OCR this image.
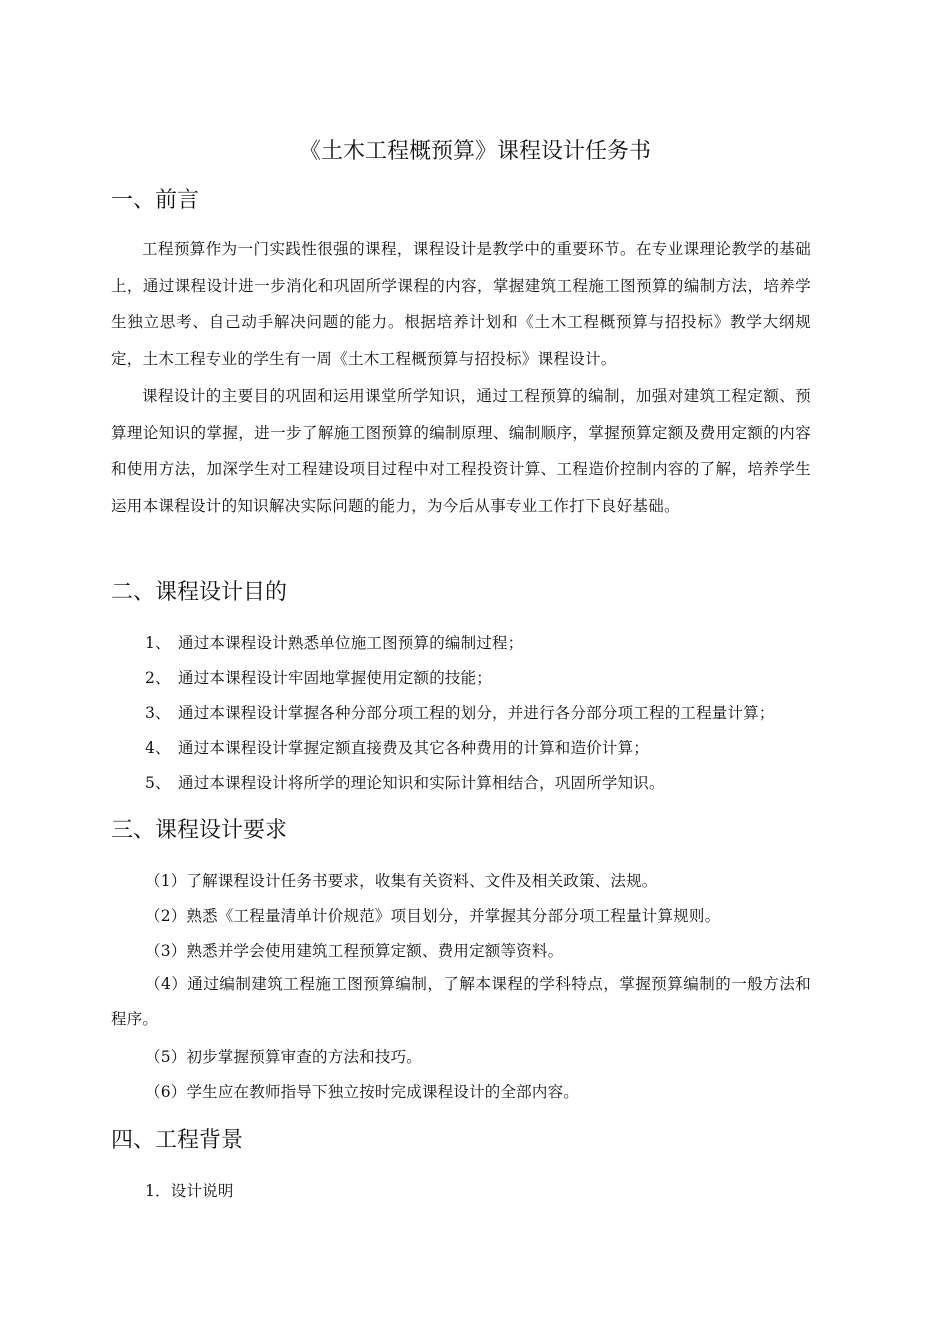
《土木工程概预算》课程设计任务书
一、前言
工程预算作为一门实践性很强的课程，课程设计是教学中的重要环节。在专业课理论教学的基础上，通过课程设计进一步消化和巩固所学课程的内容，掌握建筑工程施工图预算的编制方法，培养学生独立思考、自己动手解决问题的能力。根据培养计划和《土木工程概预算与招投标》教学大纲规定，土木工程专业的学生有一周《土木工程概预算与招投标》课程设计。
课程设计的主要目的巩固和运用课堂所学知识，通过工程预算的编制，加强对建筑工程定额、预算理论知识的掌握，进一步了解施工图预算的编制原理、编制顺序，掌握预算定额及费用定额的内容和使用方法，加深学生对工程建设项目过程中对工程投资计算、工程造价控制内容的了解，培养学生运用本课程设计的知识解决实际问题的能力，为今后从事专业工作打下良好基础。
二、课程设计目的
1、 通过本课程设计熟悉单位施工图预算的编制过程；
2、 通过本课程设计牢固地掌握使用定额的技能；
3、 通过本课程设计掌握各种分部分项工程的划分，并进行各分部分项工程的工程量计算；
4、 通过本课程设计掌握定额直接费及其它各种费用的计算和造价计算；
5、 通过本课程设计将所学的理论知识和实际计算相结合，巩固所学知识。
三、课程设计要求
（1）了解课程设计任务书要求，收集有关资料、文件及相关政策、法规。
（2）熟悉《工程量清单计价规范》项目划分，并掌握其分部分项工程量计算规则。
（3）熟悉并学会使用建筑工程预算定额、费用定额等资料。
（4）通过编制建筑工程施工图预算编制，了解本课程的学科特点，掌握预算编制的一般方法和程序。
（5）初步掌握预算审查的方法和技巧。
（6）学生应在教师指导下独立按时完成课程设计的全部内容。
四、工程背景
1．设计说明
